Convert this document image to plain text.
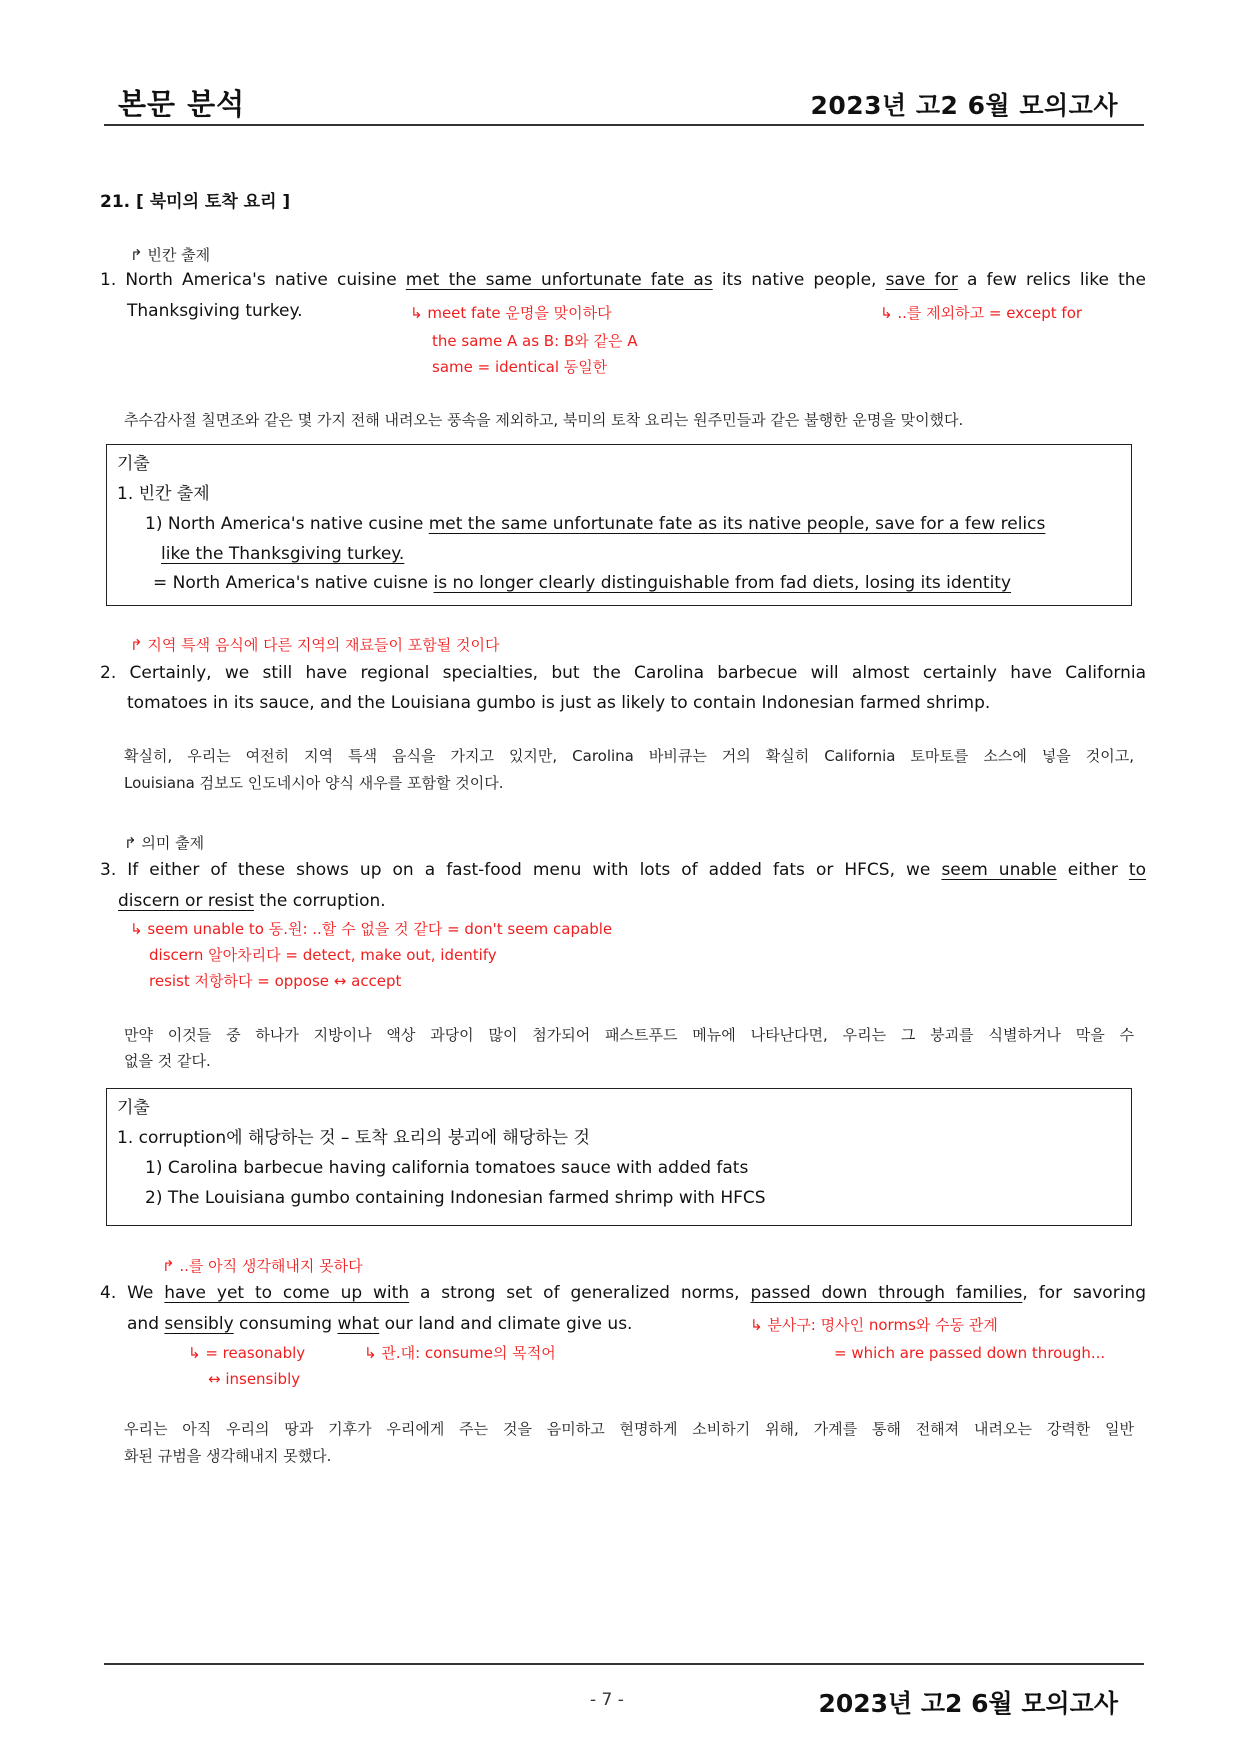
본문 분석	2023년 고2 6월 모의고사
21. [ 북미의 토착 요리 ]
↱ 빈칸 출제
1. North America's native cuisine met the same unfortunate fate as its native people, save for a few relics like the
Thanksgiving turkey.	↳ meet fate 운명을 맞이하다
the same A as B: B와 같은 A
same = identical 동일한
↳ ..를 제외하고 = except for
추수감사절 칠면조와 같은 몇 가지 전해 내려오는 풍속을 제외하고, 북미의 토착 요리는 원주민들과 같은 불행한 운명을 맞이했다.
기출
1. 빈칸 출제
1) North America's native cusine met the same unfortunate fate as its native people, save for a few relics
like the Thanksgiving turkey.
= North America's native cuisne is no longer clearly distinguishable from fad diets, losing its identity
↱ 지역 특색 음식에 다른 지역의 재료들이 포함될 것이다
2. Certainly, we still have regional specialties, but the Carolina barbecue will almost certainly have California
tomatoes in its sauce, and the Louisiana gumbo is just as likely to contain Indonesian farmed shrimp.
확실히, 우리는 여전히 지역 특색 음식을 가지고 있지만, Carolina 바비큐는 거의 확실히 California 토마토를 소스에 넣을 것이고,
Louisiana 검보도 인도네시아 양식 새우를 포함할 것이다.
↱ 의미 출제
3. If either of these shows up on a fast-food menu with lots of added fats or HFCS, we seem unable either to
discern or resist the corruption.
↳ seem unable to 동.원: ..할 수 없을 것 같다 = don't seem capable
discern 알아차리다 = detect, make out, identify
resist 저항하다 = oppose ↔ accept
만약 이것들 중 하나가 지방이나 액상 과당이 많이 첨가되어 패스트푸드 메뉴에 나타난다면, 우리는 그 붕괴를 식별하거나 막을 수
없을 것 같다.
기출
1. corruption에 해당하는 것 – 토착 요리의 붕괴에 해당하는 것
1) Carolina barbecue having california tomatoes sauce with added fats
2) The Louisiana gumbo containing Indonesian farmed shrimp with HFCS
↱ ..를 아직 생각해내지 못하다
4. We have yet to come up with a strong set of generalized norms, passed down through families, for savoring
and sensibly consuming what our land and climate give us.
↳ = reasonably
↔ insensibly
↳ 관.대: consume의 목적어
↳ 분사구: 명사인 norms와 수동 관계
= which are passed down through...
우리는 아직 우리의 땅과 기후가 우리에게 주는 것을 음미하고 현명하게 소비하기 위해, 가계를 통해 전해져 내려오는 강력한 일반
화된 규범을 생각해내지 못했다.
- 7 -	2023년 고2 6월 모의고사
